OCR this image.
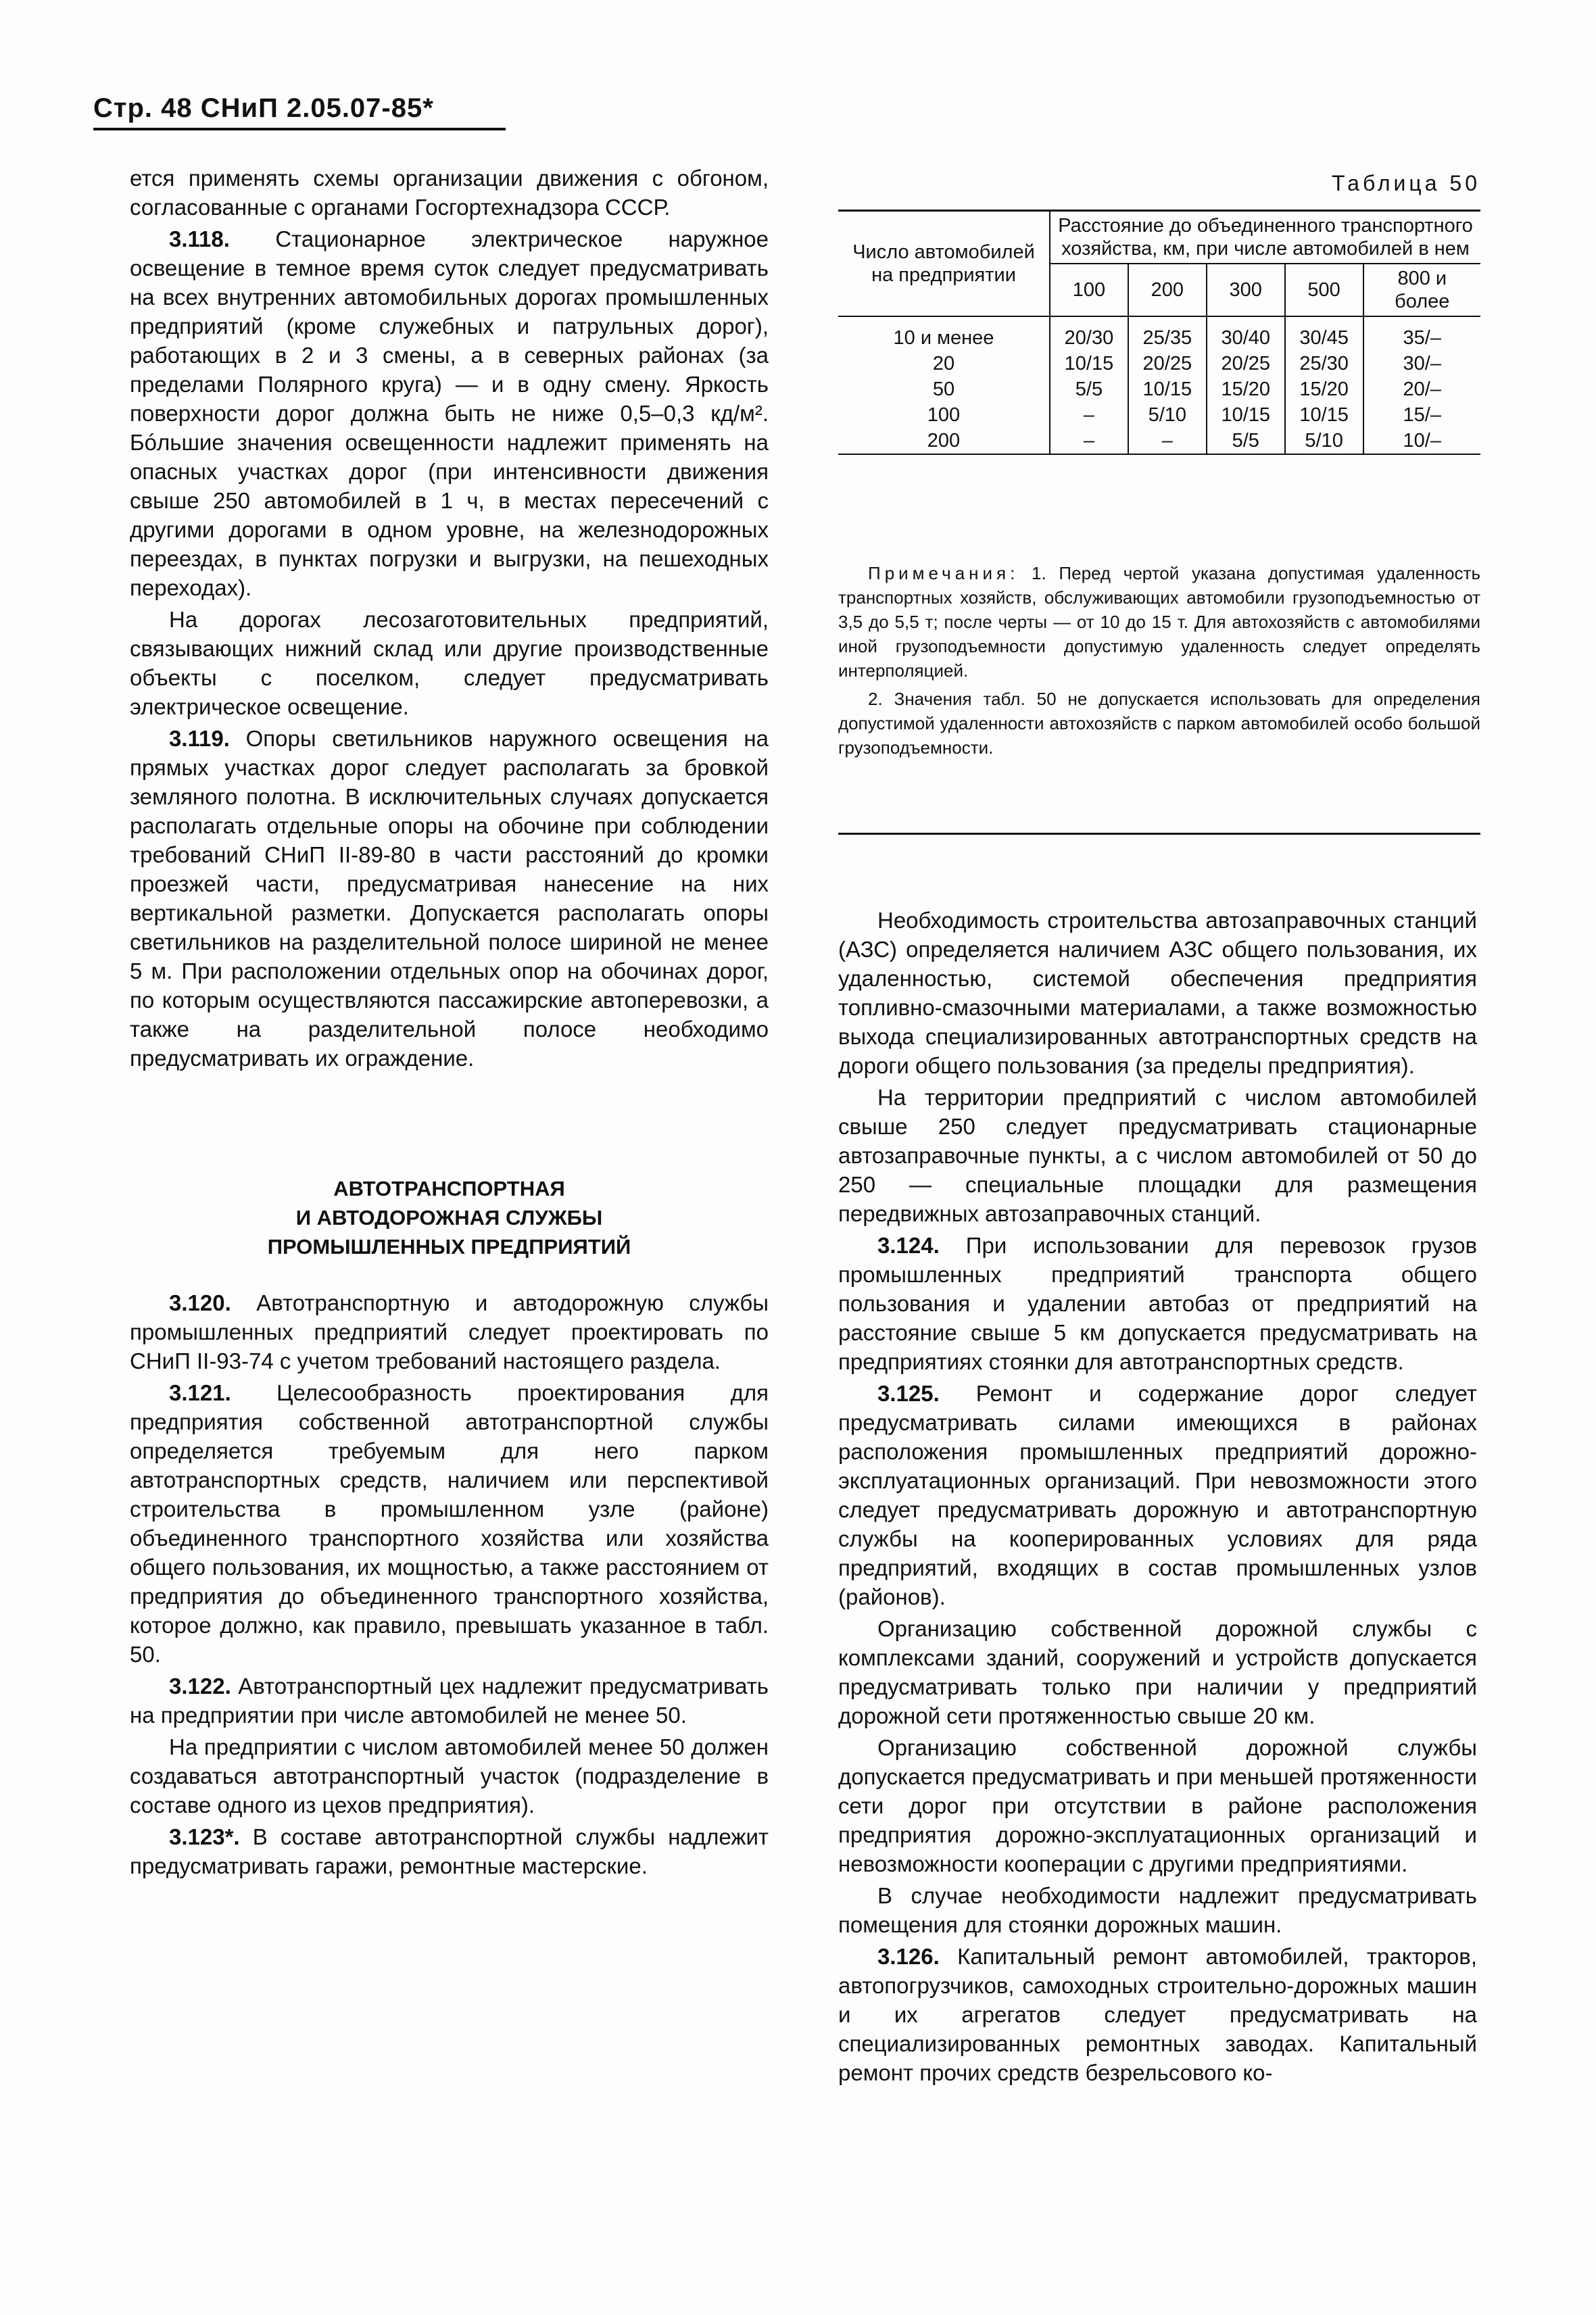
Стр. 48 СНиП 2.05.07-85*

ется применять схемы организации движения с обгоном, согласованные с органами Госгортехнадзора СССР.

3.118. Стационарное электрическое наружное освещение в темное время суток следует предусматривать на всех внутренних автомобильных дорогах промышленных предприятий (кроме служебных и патрульных дорог), работающих в 2 и 3 смены, а в северных районах (за пределами Полярного круга) — и в одну смену. Яркость поверхности дорог должна быть не ниже 0,5–0,3 кд/м². Бóльшие значения освещенности надлежит применять на опасных участках дорог (при интенсивности движения свыше 250 автомобилей в 1 ч, в местах пересечений с другими дорогами в одном уровне, на железнодорожных переездах, в пунктах погрузки и выгрузки, на пешеходных переходах).

На дорогах лесозаготовительных предприятий, связывающих нижний склад или другие производственные объекты с поселком, следует предусматривать электрическое освещение.

3.119. Опоры светильников наружного освещения на прямых участках дорог следует располагать за бровкой земляного полотна. В исключительных случаях допускается располагать отдельные опоры на обочине при соблюдении требований СНиП II-89-80 в части расстояний до кромки проезжей части, предусматривая нанесение на них вертикальной разметки. Допускается располагать опоры светильников на разделительной полосе шириной не менее 5 м. При расположении отдельных опор на обочинах дорог, по которым осуществляются пассажирские автоперевозки, а также на разделительной полосе необходимо предусматривать их ограждение.

АВТОТРАНСПОРТНАЯ
И АВТОДОРОЖНАЯ СЛУЖБЫ
ПРОМЫШЛЕННЫХ ПРЕДПРИЯТИЙ

3.120. Автотранспортную и автодорожную службы промышленных предприятий следует проектировать по СНиП II-93-74 с учетом требований настоящего раздела.

3.121. Целесообразность проектирования для предприятия собственной автотранспортной службы определяется требуемым для него парком автотранспортных средств, наличием или перспективой строительства в промышленном узле (районе) объединенного транспортного хозяйства или хозяйства общего пользования, их мощностью, а также расстоянием от предприятия до объединенного транспортного хозяйства, которое должно, как правило, превышать указанное в табл. 50.

3.122. Автотранспортный цех надлежит предусматривать на предприятии при числе автомобилей не менее 50.

На предприятии с числом автомобилей менее 50 должен создаваться автотранспортный участок (подразделение в составе одного из цехов предприятия).

3.123*. В составе автотранспортной службы надлежит предусматривать гаражи, ремонтные мастерские.

Таблица 50
Число автомобилей на предприятии	Расстояние до объединенного транспортного хозяйства, км, при числе автомобилей в нем				
	100	200	300	500	800 и более
10 и менее	20/30	25/35	30/40	30/45	35/–
20	10/15	20/25	20/25	25/30	30/–
50	5/5	10/15	15/20	15/20	20/–
100	–	5/10	10/15	10/15	15/–
200	–	–	5/5	5/10	10/–

Примечания: 1. Перед чертой указана допустимая удаленность транспортных хозяйств, обслуживающих автомобили грузоподъемностью от 3,5 до 5,5 т; после черты — от 10 до 15 т. Для автохозяйств с автомобилями иной грузоподъемности допустимую удаленность следует определять интерполяцией.

2. Значения табл. 50 не допускается использовать для определения допустимой удаленности автохозяйств с парком автомобилей особо большой грузоподъемности.

Необходимость строительства автозаправочных станций (АЗС) определяется наличием АЗС общего пользования, их удаленностью, системой обеспечения предприятия топливно-смазочными материалами, а также возможностью выхода специализированных автотранспортных средств на дороги общего пользования (за пределы предприятия).

На территории предприятий с числом автомобилей свыше 250 следует предусматривать стационарные автозаправочные пункты, а с числом автомобилей от 50 до 250 — специальные площадки для размещения передвижных автозаправочных станций.

3.124. При использовании для перевозок грузов промышленных предприятий транспорта общего пользования и удалении автобаз от предприятий на расстояние свыше 5 км допускается предусматривать на предприятиях стоянки для автотранспортных средств.

3.125. Ремонт и содержание дорог следует предусматривать силами имеющихся в районах расположения промышленных предприятий дорожно-эксплуатационных организаций. При невозможности этого следует предусматривать дорожную и автотранспортную службы на кооперированных условиях для ряда предприятий, входящих в состав промышленных узлов (районов).

Организацию собственной дорожной службы с комплексами зданий, сооружений и устройств допускается предусматривать только при наличии у предприятий дорожной сети протяженностью свыше 20 км.

Организацию собственной дорожной службы допускается предусматривать и при меньшей протяженности сети дорог при отсутствии в районе расположения предприятия дорожно-эксплуатационных организаций и невозможности кооперации с другими предприятиями.

В случае необходимости надлежит предусматривать помещения для стоянки дорожных машин.

3.126. Капитальный ремонт автомобилей, тракторов, автопогрузчиков, самоходных строительно-дорожных машин и их агрегатов следует предусматривать на специализированных ремонтных заводах. Капитальный ремонт прочих средств безрельсового ко-
